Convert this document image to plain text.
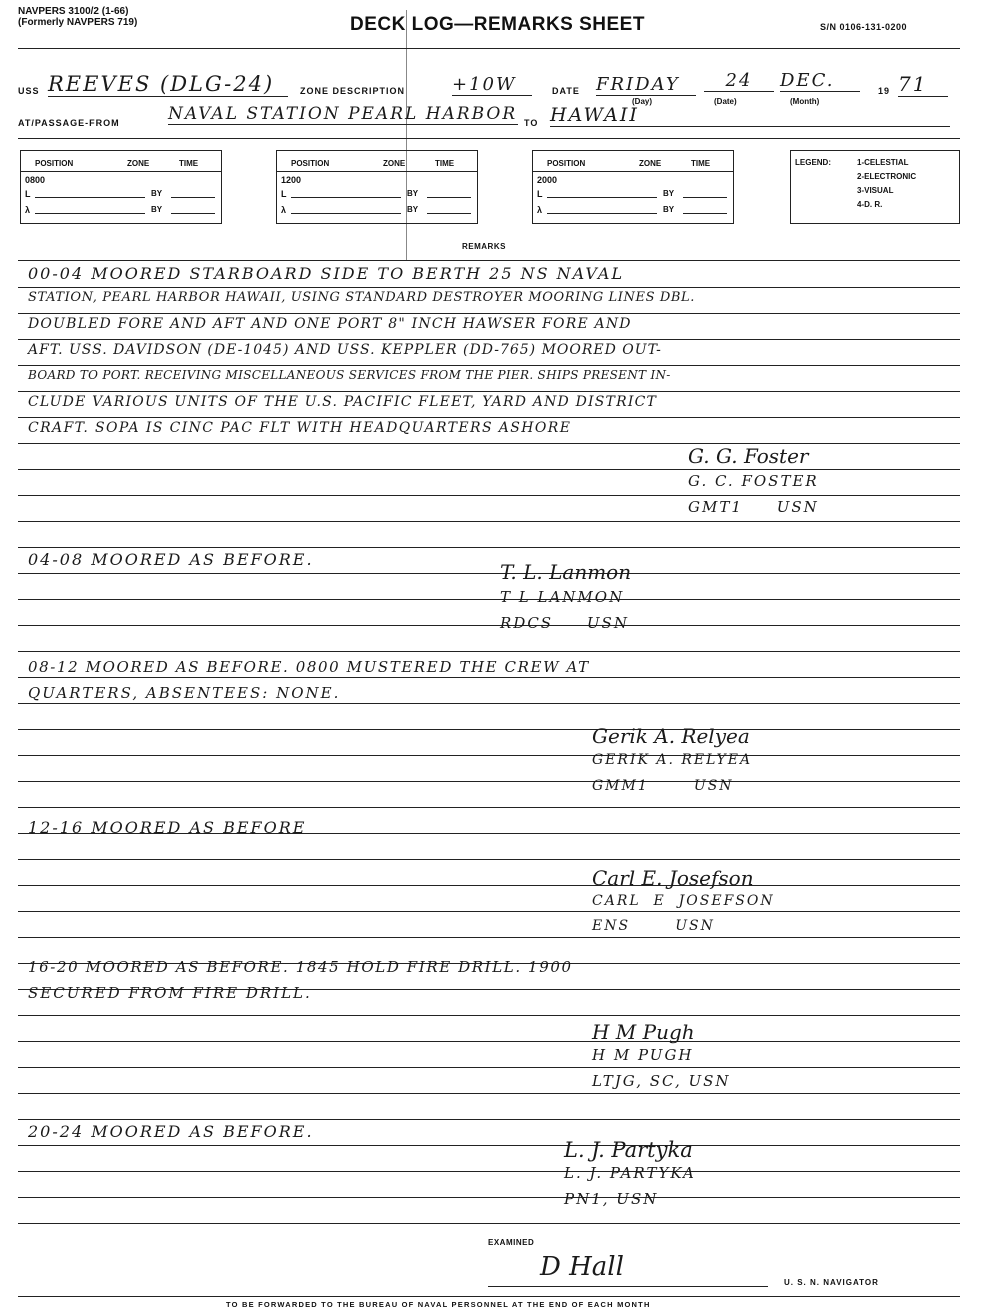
NAVPERS 3100/2 (1-66)
(Formerly NAVPERS 719)	DECK LOG—REMARKS SHEET	S/N 0106-131-0200
USS REEVES (DLG-24)	ZONE DESCRIPTION	+10W	DATE FRIDAY	24	DEC.	19 71
(Day)	(Date)	(Month)
AT/PASSAGE-FROM	NAVAL STATION PEARL HARBOR TO HAWAII
POSITION	ZONE	TIME
0800
L	BY
λ	BY
POSITION	ZONE	TIME
1200
L	BY
λ	BY
POSITION	ZONE	TIME
2000
L	BY
λ	BY
LEGEND:	1-CELESTIAL
2-ELECTRONIC
3-VISUAL
4-D. R.
REMARKS
00-04 MOORED STARBOARD SIDE TO BERTH 25 NS NAVAL
STATION, PEARL HARBOR HAWAII, USING STANDARD DESTROYER MOORING LINES DBL.
DOUBLED FORE AND AFT AND ONE PORT 8" INCH HAWSER FORE AND
AFT. USS. DAVIDSON (DE-1045) AND USS. KEPPLER (DD-765) MOORED OUT-
BOARD TO PORT. RECEIVING MISCELLANEOUS SERVICES FROM THE PIER. SHIPS PRESENT IN-
CLUDE VARIOUS UNITS OF THE U.S. PACIFIC FLEET, YARD AND DISTRICT
CRAFT. SOPA IS CINC PAC FLT WITH HEADQUARTERS ASHORE
G. G. Foster
G. C. FOSTER
GMT1     USN
04-08 MOORED AS BEFORE.
T. L. Lanmon
T L LANMON
RDCS     USN
08-12 MOORED AS BEFORE. 0800 MUSTERED THE CREW AT
QUARTERS, ABSENTEES: NONE.
Gerik A. Relyea
GERIK A. RELYEA
GMM1       USN
12-16 MOORED AS BEFORE
Carl E. Josefson
CARL  E  JOSEFSON
ENS       USN
16-20 MOORED AS BEFORE. 1845 HOLD FIRE DRILL. 1900
SECURED FROM FIRE DRILL.
H M Pugh
H M PUGH
LTJG, SC, USN
20-24 MOORED AS BEFORE.
L. J. Partyka
L. J. PARTYKA
PN1, USN
EXAMINED
D Hall
U. S. N. NAVIGATOR
TO BE FORWARDED TO THE BUREAU OF NAVAL PERSONNEL AT THE END OF EACH MONTH
